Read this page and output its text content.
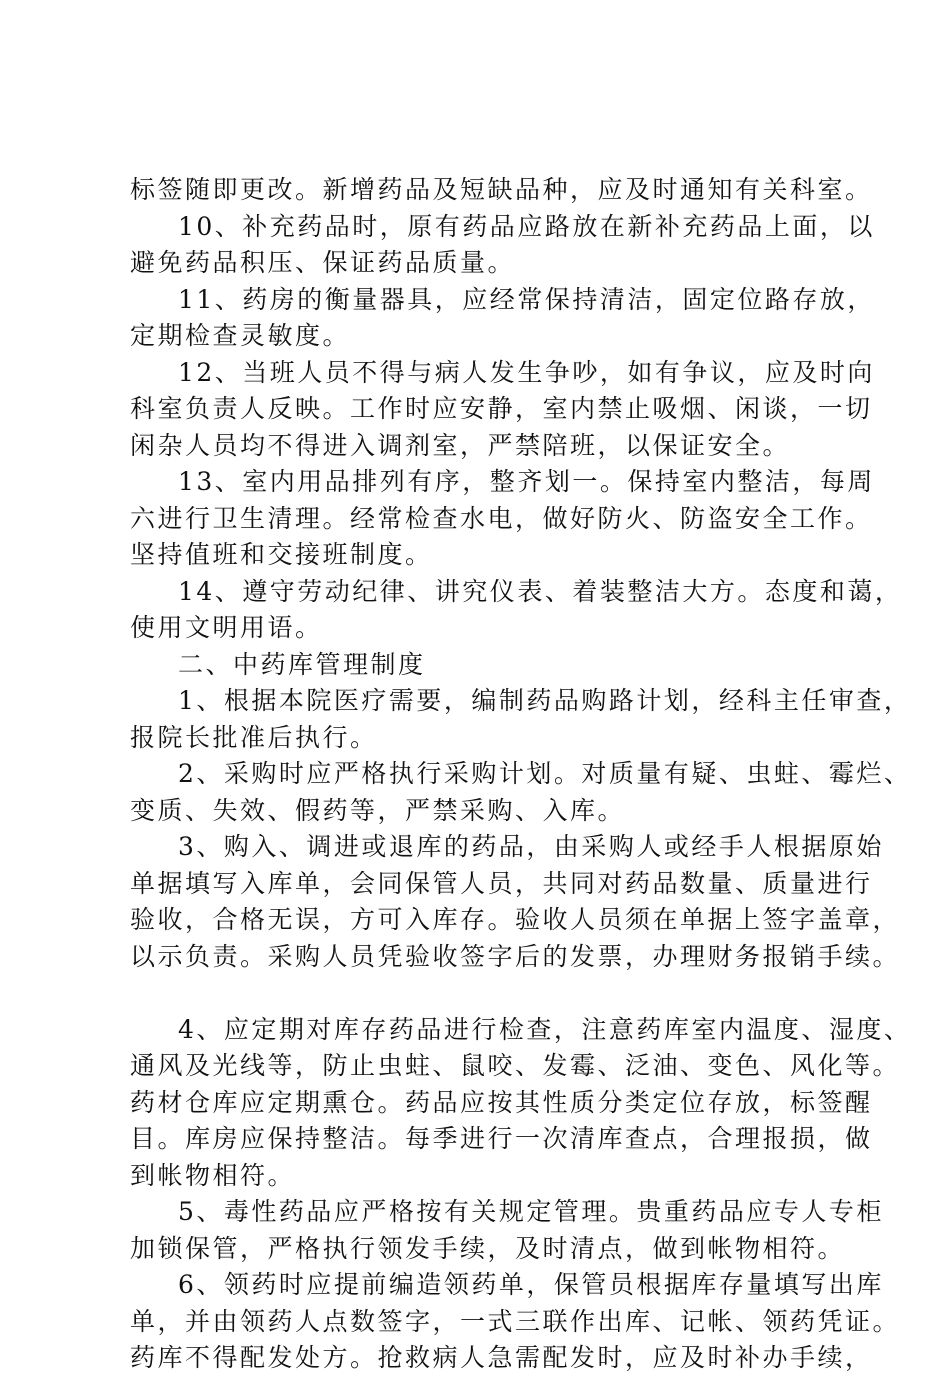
标签随即更改。新增药品及短缺品种，应及时通知有关科室。
10、补充药品时，原有药品应路放在新补充药品上面，以
避免药品积压、保证药品质量。
11、药房的衡量器具，应经常保持清洁，固定位路存放，
定期检查灵敏度。
12、当班人员不得与病人发生争吵，如有争议，应及时向
科室负责人反映。工作时应安静，室内禁止吸烟、闲谈，一切
闲杂人员均不得进入调剂室，严禁陪班，以保证安全。
13、室内用品排列有序，整齐划一。保持室内整洁，每周
六进行卫生清理。经常检查水电，做好防火、防盗安全工作。
坚持值班和交接班制度。
14、遵守劳动纪律、讲究仪表、着装整洁大方。态度和蔼，
使用文明用语。
二、中药库管理制度
1、根据本院医疗需要，编制药品购路计划，经科主任审查，
报院长批准后执行。
2、采购时应严格执行采购计划。对质量有疑、虫蛀、霉烂、
变质、失效、假药等，严禁采购、入库。
3、购入、调进或退库的药品，由采购人或经手人根据原始
单据填写入库单，会同保管人员，共同对药品数量、质量进行
验收，合格无误，方可入库存。验收人员须在单据上签字盖章，
以示负责。采购人员凭验收签字后的发票，办理财务报销手续。
4、应定期对库存药品进行检查，注意药库室内温度、湿度、
通风及光线等，防止虫蛀、鼠咬、发霉、泛油、变色、风化等。
药材仓库应定期熏仓。药品应按其性质分类定位存放，标签醒
目。库房应保持整洁。每季进行一次清库查点，合理报损，做
到帐物相符。
5、毒性药品应严格按有关规定管理。贵重药品应专人专柜
加锁保管，严格执行领发手续，及时清点，做到帐物相符。
6、领药时应提前编造领药单，保管员根据库存量填写出库
单，并由领药人点数签字，一式三联作出库、记帐、领药凭证。
药库不得配发处方。抢救病人急需配发时，应及时补办手续，
